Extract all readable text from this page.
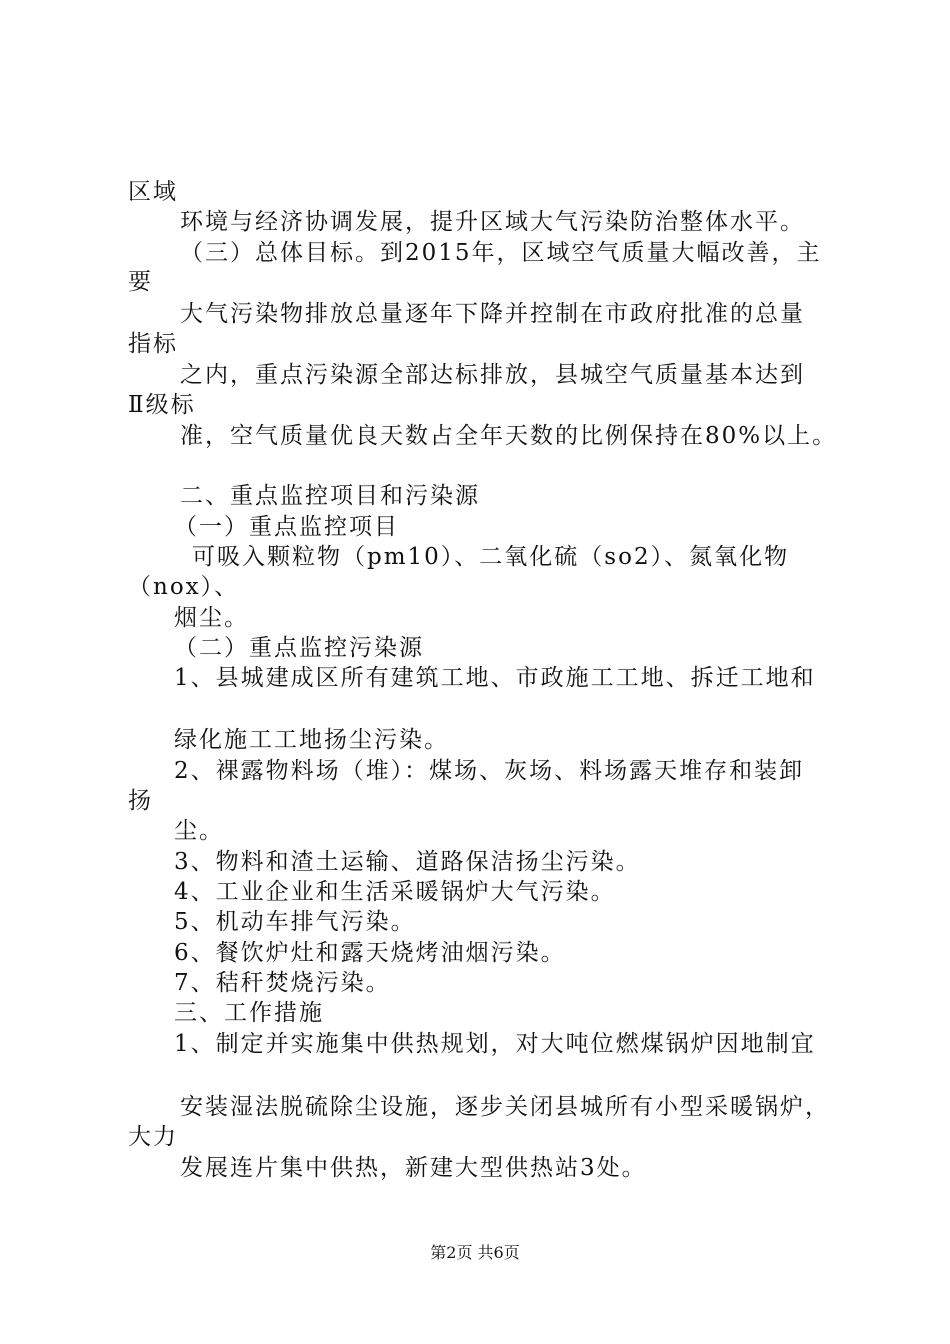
区域
环境与经济协调发展，提升区域大气污染防治整体水平。
（三）总体目标。到2015年，区域空气质量大幅改善，主
要
大气污染物排放总量逐年下降并控制在市政府批准的总量
指标
之内，重点污染源全部达标排放，县城空气质量基本达到
Ⅱ级标
准，空气质量优良天数占全年天数的比例保持在80%以上。
二、重点监控项目和污染源
（一）重点监控项目
可吸入颗粒物（pm10）、二氧化硫（so2）、氮氧化物
（nox）、
烟尘。
（二）重点监控污染源
1、县城建成区所有建筑工地、市政施工工地、拆迁工地和
绿化施工工地扬尘污染。
2、裸露物料场（堆）：煤场、灰场、料场露天堆存和装卸
扬
尘。
3、物料和渣土运输、道路保洁扬尘污染。
4、工业企业和生活采暖锅炉大气污染。
5、机动车排气污染。
6、餐饮炉灶和露天烧烤油烟污染。
7、秸秆焚烧污染。
三、工作措施
1、制定并实施集中供热规划，对大吨位燃煤锅炉因地制宜
安装湿法脱硫除尘设施，逐步关闭县城所有小型采暖锅炉，
大力
发展连片集中供热，新建大型供热站3处。
第2页 共6页
